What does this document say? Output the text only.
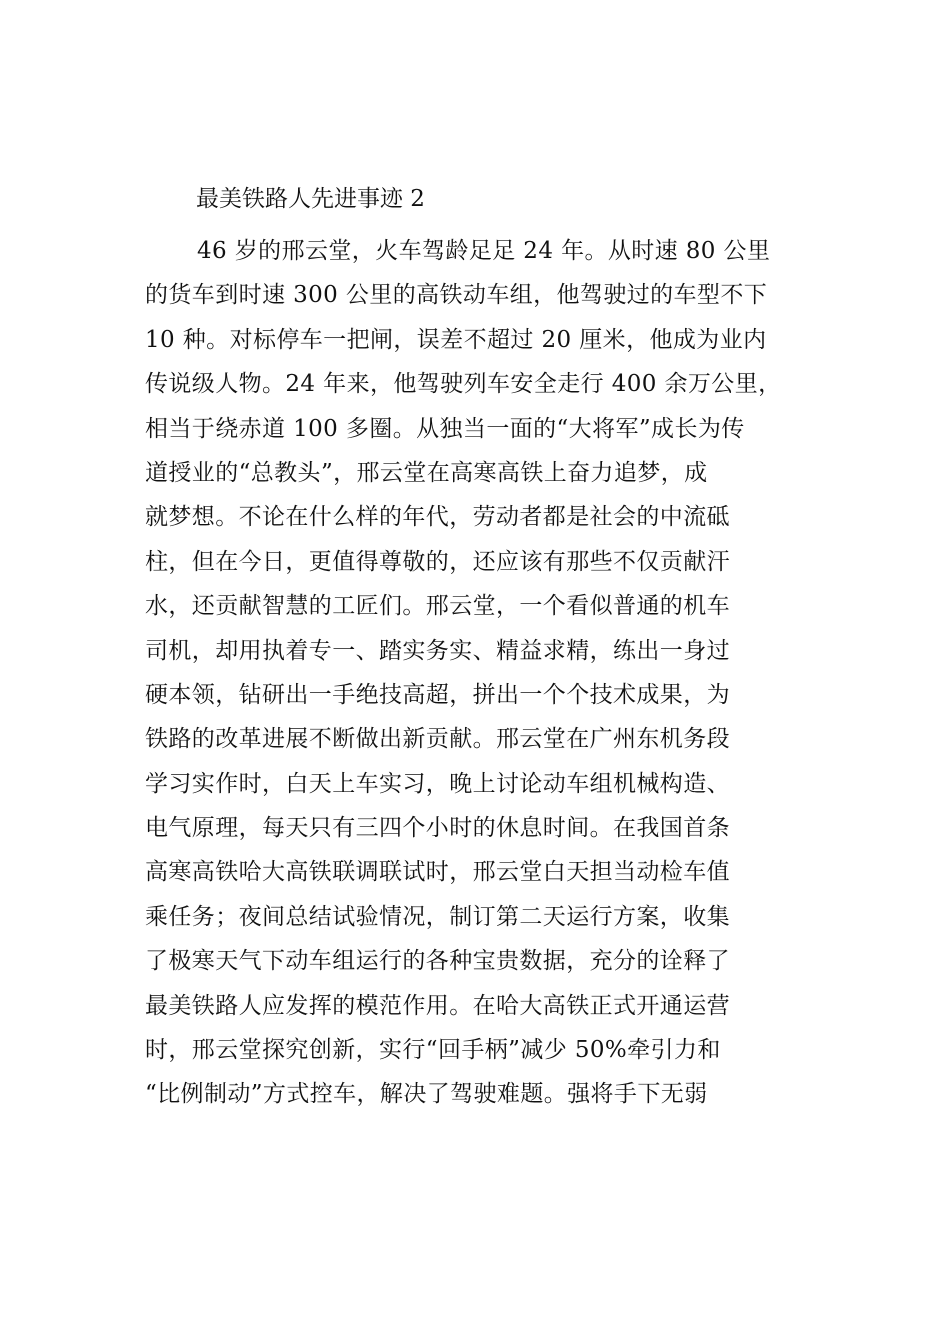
最美铁路人先进事迹 2
46 岁的邢云堂，火车驾龄足足 24 年。从时速 80 公里
的货车到时速 300 公里的高铁动车组，他驾驶过的车型不下
10 种。对标停车一把闸，误差不超过 20 厘米，他成为业内
传说级人物。24 年来，他驾驶列车安全走行 400 余万公里，
相当于绕赤道 100 多圈。从独当一面的“大将军”成长为传
道授业的“总教头”，邢云堂在高寒高铁上奋力追梦，成
就梦想。不论在什么样的年代，劳动者都是社会的中流砥
柱，但在今日，更值得尊敬的，还应该有那些不仅贡献汗
水，还贡献智慧的工匠们。邢云堂，一个看似普通的机车
司机，却用执着专一、踏实务实、精益求精，练出一身过
硬本领，钻研出一手绝技高超，拼出一个个技术成果，为
铁路的改革进展不断做出新贡献。邢云堂在广州东机务段
学习实作时，白天上车实习，晚上讨论动车组机械构造、
电气原理，每天只有三四个小时的休息时间。在我国首条
高寒高铁哈大高铁联调联试时，邢云堂白天担当动检车值
乘任务；夜间总结试验情况，制订第二天运行方案，收集
了极寒天气下动车组运行的各种宝贵数据，充分的诠释了
最美铁路人应发挥的模范作用。在哈大高铁正式开通运营
时，邢云堂探究创新，实行“回手柄”减少 50%牵引力和
“比例制动”方式控车，解决了驾驶难题。强将手下无弱
